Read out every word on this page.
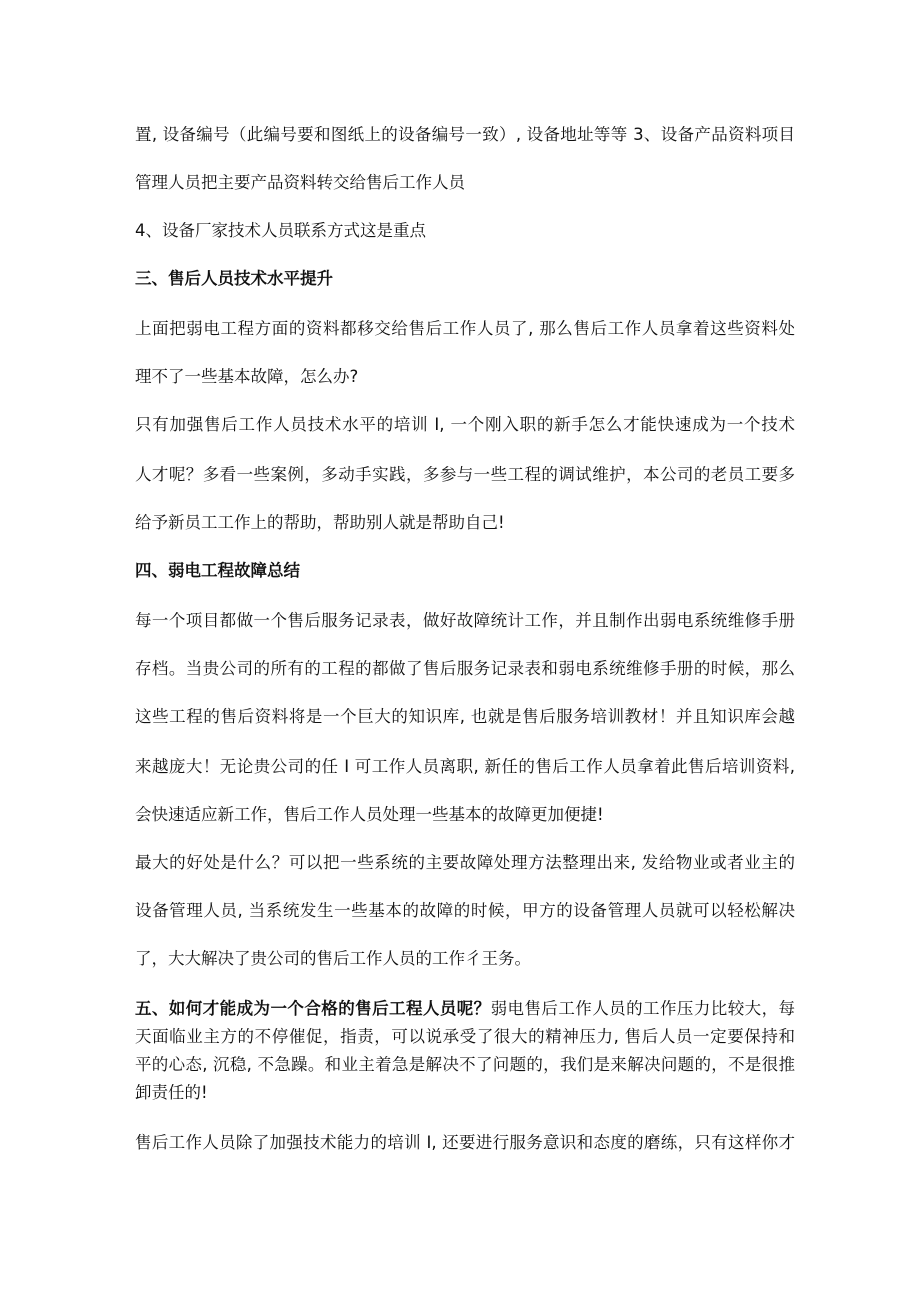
置, 设备编号（此编号要和图纸上的设备编号一致）, 设备地址等等 3、设备产品资料项目
管理人员把主要产品资料转交给售后工作人员
4、设备厂家技术人员联系方式这是重点
三、售后人员技术水平提升
上面把弱电工程方面的资料都移交给售后工作人员了, 那么售后工作人员拿着这些资料处
理不了一些基本故障，怎么办?
只有加强售后工作人员技术水平的培训 I, 一个刚入职的新手怎么才能快速成为一个技术
人才呢？多看一些案例，多动手实践，多参与一些工程的调试维护，本公司的老员工要多
给予新员工工作上的帮助，帮助别人就是帮助自己!
四、弱电工程故障总结
每一个项目都做一个售后服务记录表，做好故障统计工作，并且制作出弱电系统维修手册
存档。当贵公司的所有的工程的都做了售后服务记录表和弱电系统维修手册的时候，那么
这些工程的售后资料将是一个巨大的知识库, 也就是售后服务培训教材！并且知识库会越
来越庞大！无论贵公司的任 I 可工作人员离职, 新任的售后工作人员拿着此售后培训资料,
会快速适应新工作，售后工作人员处理一些基本的故障更加便捷!
最大的好处是什么？可以把一些系统的主要故障处理方法整理出来, 发给物业或者业主的
设备管理人员, 当系统发生一些基本的故障的时候，甲方的设备管理人员就可以轻松解决
了，大大解决了贵公司的售后工作人员的工作彳王务。
五、如何才能成为一个合格的售后工程人员呢？弱电售后工作人员的工作压力比较大，每
天面临业主方的不停催促，指责，可以说承受了很大的精神压力, 售后人员一定要保持和
平的心态, 沉稳, 不急躁。和业主着急是解决不了问题的，我们是来解决问题的，不是很推
卸责任的!
售后工作人员除了加强技术能力的培训 I, 还要进行服务意识和态度的磨练，只有这样你才
